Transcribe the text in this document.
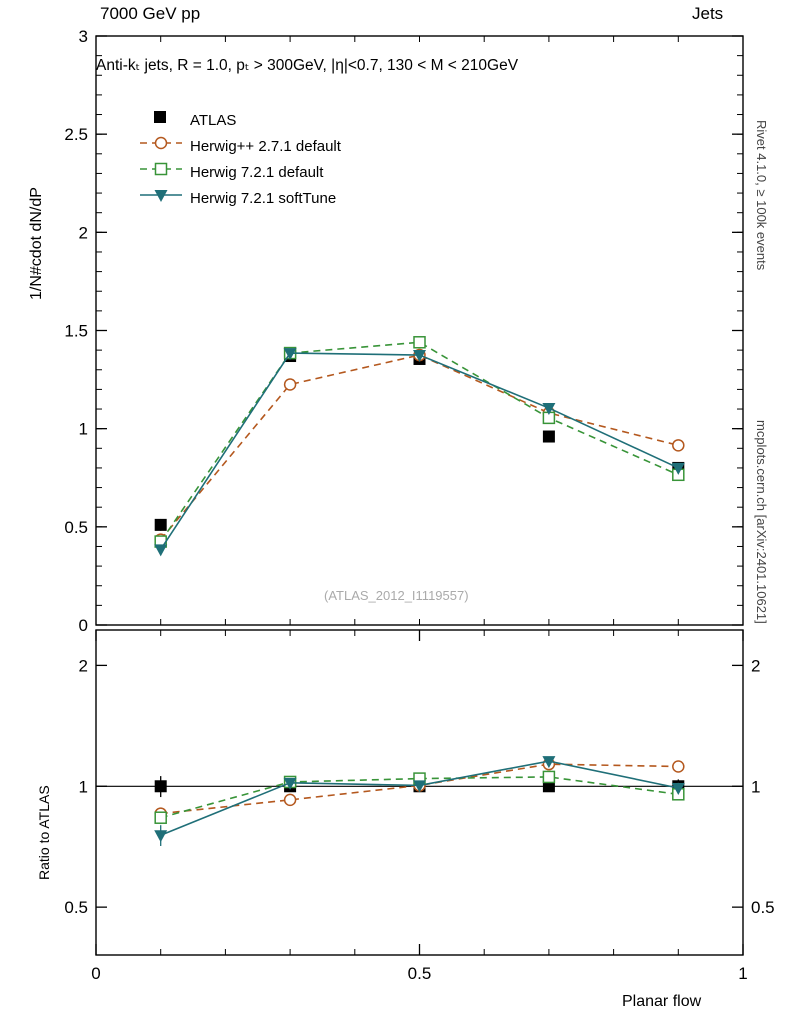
7000 GeV pp	Jets
Rivet 4.1.0, ≥ 100k events
mcplots.cern.ch [arXiv:2401.10621]
1/N#cdot dN/dP
Ratio to ATLAS
Planar flow
Anti-kₜ jets, R = 1.0, pₜ > 300GeV, |η|<0.7, 130 < M < 210GeV
(ATLAS_2012_I1119557)
ATLAS
Herwig++ 2.7.1 default
Herwig 7.2.1 default
Herwig 7.2.1 softTune
0
0.5
1
1.5
2
2.5
3
0.5	0.5
1	1
2	2
0	0.5	1
